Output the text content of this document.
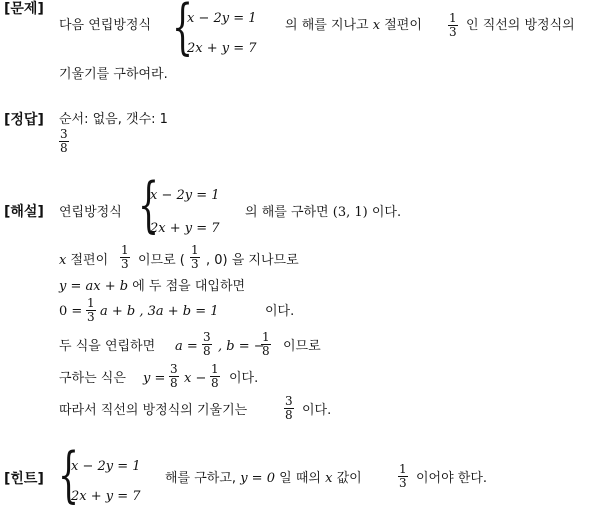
[문제]
다음 연립방정식 {
x − 2y = 1
2x + y = 7
의 해를 지나고 x 절편이 $\frac{1}{3}$ 인 직선의 방정식의
기울기를 구하여라.
[정답] 순서: 없음, 갯수: 1
$\frac{3}{8}$
[해설] 연립방정식 {
x − 2y = 1
2x + y = 7
의 해를 구하면 (3, 1) 이다.
x 절편이 $\frac{1}{3}$ 이므로 ( $\frac{1}{3}$ , 0) 을 지나므로
y = ax + b 에 두 점을 대입하면
$0 = \frac{1}{3}$ a + b , 3a + b = 1	이다.
두 식을 연립하면 $a = \frac{3}{8}$ , b = −
$\frac{1}{8}$ 이므로
구하는 식은 $y = \frac{3}{8}$ $x - \frac{1}{8}$ 이다.
따라서 직선의 방정식의 기울기는	$\frac{3}{8}$ 이다.
[힌트] {
x − 2y = 1
2x + y = 7
해를 구하고, y = 0 일 때의 x 값이	$\frac{1}{3}$ 이어야 한다.
